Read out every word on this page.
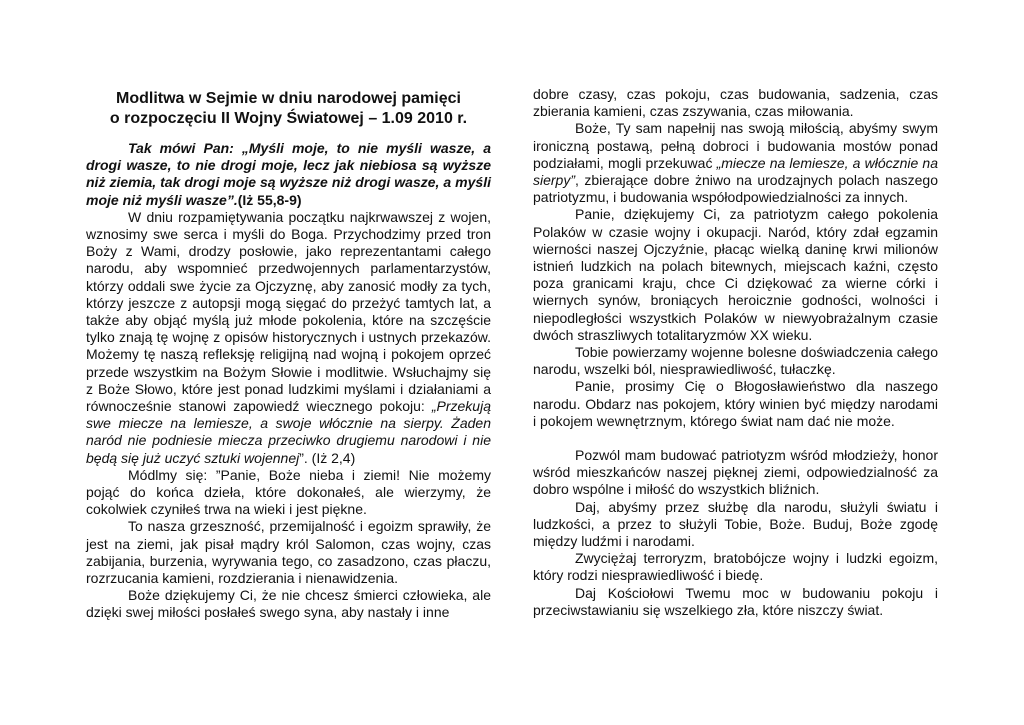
Modlitwa w Sejmie w dniu narodowej pamięci
o rozpoczęciu II Wojny Światowej – 1.09 2010 r.

Tak mówi Pan: „Myśli moje, to nie myśli wasze, a drogi wasze, to nie drogi moje, lecz jak niebiosa są wyższe niż ziemia, tak drogi moje są wyższe niż drogi wasze, a myśli moje niż myśli wasze”.(Iż 55,8-9)

W dniu rozpamiętywania początku najkrwawszej z wojen, wznosimy swe serca i myśli do Boga. Przychodzimy przed tron Boży z Wami, drodzy posłowie, jako reprezentantami całego narodu, aby wspomnieć przedwojennych parlamentarzystów, którzy oddali swe życie za Ojczyznę, aby zanosić modły za tych, którzy jeszcze z autopsji mogą sięgać do przeżyć tamtych lat, a także aby objąć myślą już młode pokolenia, które na szczęście tylko znają tę wojnę z opisów historycznych i ustnych przekazów. Możemy tę naszą refleksję religijną nad wojną i pokojem oprzeć przede wszystkim na Bożym Słowie i modlitwie. Wsłuchajmy się z Boże Słowo, które jest ponad ludzkimi myślami i działaniami a równocześnie stanowi zapowiedź wiecznego pokoju: „Przekują swe miecze na lemiesze, a swoje włócznie na sierpy. Żaden naród nie podniesie miecza przeciwko drugiemu narodowi i nie będą się już uczyć sztuki wojennej”. (Iż 2,4)

Módlmy się: ”Panie, Boże nieba i ziemi! Nie możemy pojąć do końca dzieła, które dokonałeś, ale wierzymy, że cokolwiek czyniłeś trwa na wieki i jest piękne.

To nasza grzeszność, przemijalność i egoizm sprawiły, że jest na ziemi, jak pisał mądry król Salomon, czas wojny, czas zabijania, burzenia, wyrywania tego, co zasadzono, czas płaczu, rozrzucania kamieni, rozdzierania i nienawidzenia.

Boże dziękujemy Ci, że nie chcesz śmierci człowieka, ale dzięki swej miłości posłałeś swego syna, aby nastały i inne

dobre czasy, czas pokoju, czas budowania, sadzenia, czas zbierania kamieni, czas zszywania, czas miłowania.

Boże, Ty sam napełnij nas swoją miłością, abyśmy swym ironiczną postawą, pełną dobroci i budowania mostów ponad podziałami, mogli przekuwać „miecze na lemiesze, a włócznie na sierpy”, zbierające dobre żniwo na urodzajnych polach naszego patriotyzmu, i budowania współodpowiedzialności za innych.

Panie, dziękujemy Ci, za patriotyzm całego pokolenia Polaków w czasie wojny i okupacji. Naród, który zdał egzamin wierności naszej Ojczyźnie, płacąc wielką daninę krwi milionów istnień ludzkich na polach bitewnych, miejscach kaźni, często poza granicami kraju, chce Ci dziękować za wierne córki i wiernych synów, broniących heroicznie godności, wolności i niepodległości wszystkich Polaków w niewyobrażalnym czasie dwóch straszliwych totalitaryzmów XX wieku.

Tobie powierzamy wojenne bolesne doświadczenia całego narodu, wszelki ból, niesprawiedliwość, tułaczkę.

Panie, prosimy Cię o Błogosławieństwo dla naszego narodu. Obdarz nas pokojem, który winien być między narodami i pokojem wewnętrznym, którego świat nam dać nie może.

Pozwól mam budować patriotyzm wśród młodzieży, honor wśród mieszkańców naszej pięknej ziemi, odpowiedzialność za dobro wspólne i miłość do wszystkich bliźnich.

Daj, abyśmy przez służbę dla narodu, służyli światu i ludzkości, a przez to służyli Tobie, Boże. Buduj, Boże zgodę między ludźmi i narodami.

Zwyciężaj terroryzm, bratobójcze wojny i ludzki egoizm, który rodzi niesprawiedliwość i biedę.

Daj Kościołowi Twemu moc w budowaniu pokoju i przeciwstawianiu się wszelkiego zła, które niszczy świat.
